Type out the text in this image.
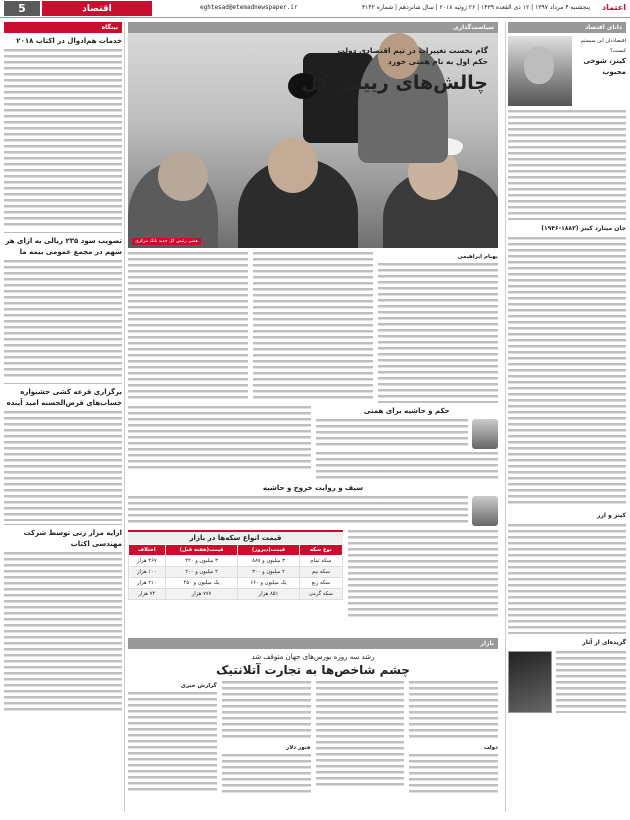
5	اقتصاد	eghtesad@etemadnewspaper.ir	پنجشنبه ۴ مرداد ۱۳۹۷ | ۱۲ ذی القعده ۱۴۳۹ | ۲۶ ژوئیه ۲۰۱۸ | سال شانزدهم | شماره ۴۱۴۲ اعتماد
دانای اقتصاد
اقتصاددان این سیستم کیست؟
کینز، شوخی محبوب
جان مینارد کینز (۱۸۸۳-۱۹۴۶)
کینز و ارز
گزیده‌ای از آثار
سیاست‌گذاری
گام نخست تغییرات در تیم اقتصادی دولت
حکم اول به نام همتی خورد
چالش‌های رییس کل
همتی رئیس کل جدید بانک مرکزی
بهنام ابراهیمی
حکم و حاشیه برای همتی
سیف و روایت خروج و حاشیه
قیمت انواع سکه‌ها در بازار
نوع سکه	قیمت(دیروز)	قیمت(هفته قبل)	اختلاف
سکه تمام	۳ میلیون و ۸۸۷	۳ میلیون و ۴۲۰	۴۶۷ هزار
سکه نیم	۲ میلیون و ۳۰۰	۲ میلیون و ۲۰۰	۱۰۰ هزار
سکه ربع	یک میلیون و ۶۶۰	یک میلیون و ۴۵۰	۲۱۰ هزار
سکه گرمی	۸۵۱ هزار	۷۷۷ هزار	۷۴ هزار
بینگاه
خدمات هم‌ادوال در اکتاب ۲۰۱۸
تصویب سود ۲۳۵ ریالی به ازای هر سهم در مجمع عمومی بیمه ما
برگزاری قرعه کشی جشنواره حساب‌های قرض‌الحسنه امید آینده
ارایه مزار زنی توسط شرکت مهندسی اکتاب
بازار
رشد سه روزه بورس‌های جهان متوقف شد
چشم شاخص‌ها به تجارت آتلانتیک
دولت
فتور دلار
گزارش خبری
